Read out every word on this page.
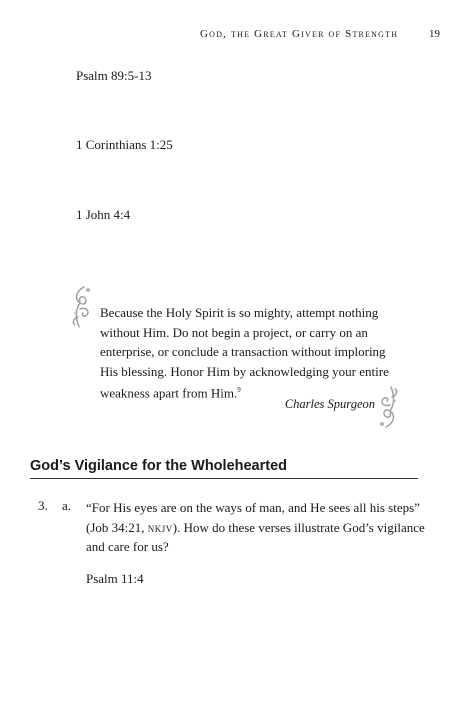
God, the Great Giver of Strength	19
Psalm 89:5-13
1 Corinthians 1:25
1 John 4:4

Because the Holy Spirit is so mighty, attempt nothing without Him. Do not begin a project, or carry on an enterprise, or conclude a transaction without imploring His blessing. Honor Him by acknowledging your entire weakness apart from Him.$^9$

Charles Spurgeon
God’s Vigilance for the Wholehearted
3. a. “For His eyes are on the ways of man, and He sees all his steps” (Job 34:21, nkjv). How do these verses illustrate God’s vigilance and care for us?
Psalm 11:4
